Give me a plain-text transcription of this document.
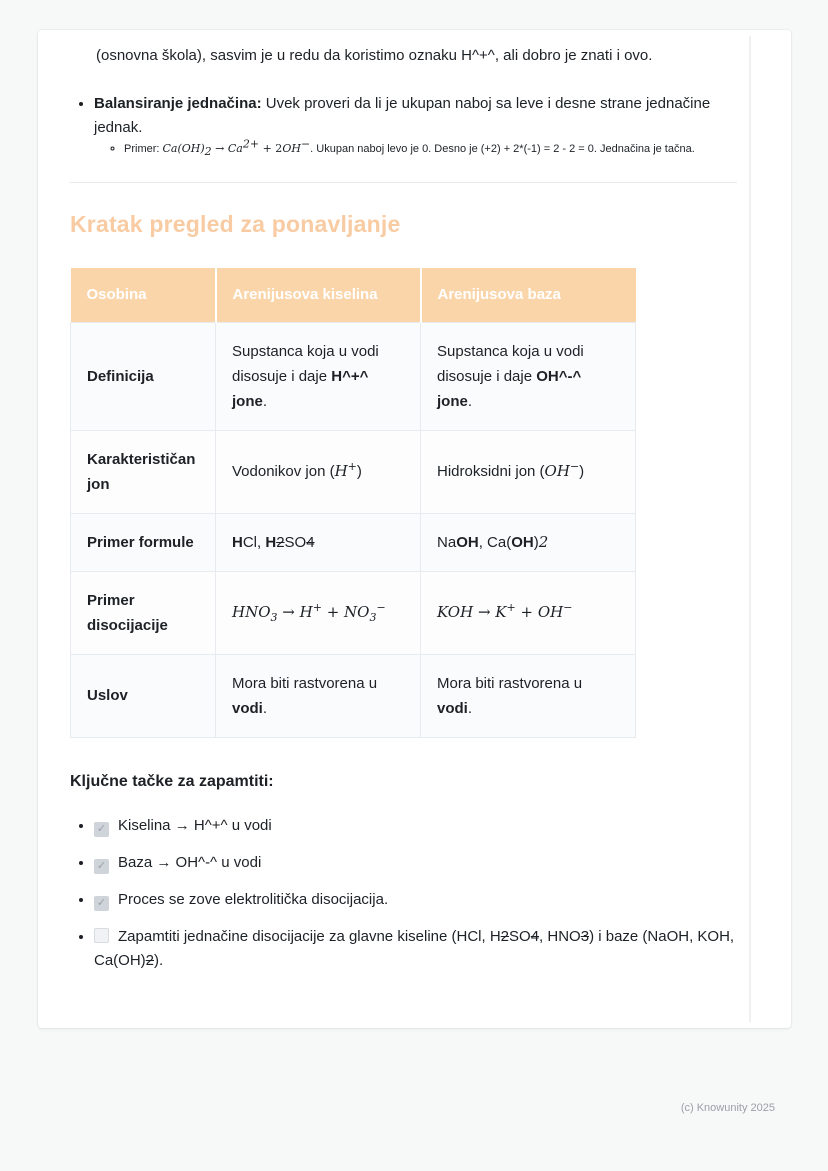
(osnovna škola), sasvim je u redu da koristimo oznaku H^+^, ali dobro je znati i ovo.

• Balansiranje jednačina: Uvek proveri da li je ukupan naboj sa leve i desne strane jednačine jednak.
◦ Primer: Ca(OH)2 → Ca2+ + 2OH−. Ukupan naboj levo je 0. Desno je (+2) + 2*(-1) = 2 - 2 = 0. Jednačina je tačna.
Kratak pregled za ponavljanje
Osobina	Arenijusova kiselina	Arenijusova baza
Definicija	Supstanca koja u vodi disosuje i daje H^+^ jone.	Supstanca koja u vodi disosuje i daje OH^-^ jone.
Karakterističan jon	Vodonikov jon (H+)	Hidroksidni jon (OH−)
Primer formule	HCl, H2SO4	NaOH, Ca(OH)2
Primer disocijacije	$HNO_3 \to H^+ + NO_3^-$	KOH → K+ + OH−
Uslov	Mora biti rastvorena u vodi.	Mora biti rastvorena u vodi.

Ključne tačke za zapamtiti:

• ✓ Kiselina → H^+^ u vodi
• ✓ Baza → OH^-^ u vodi
• ✓ Proces se zove elektrolitička disocijacija.
• Zapamtiti jednačine disocijacije za glavne kiseline (HCl, H2SO4, HNO3) i baze (NaOH, KOH, Ca(OH)2).
(c) Knowunity 2025
